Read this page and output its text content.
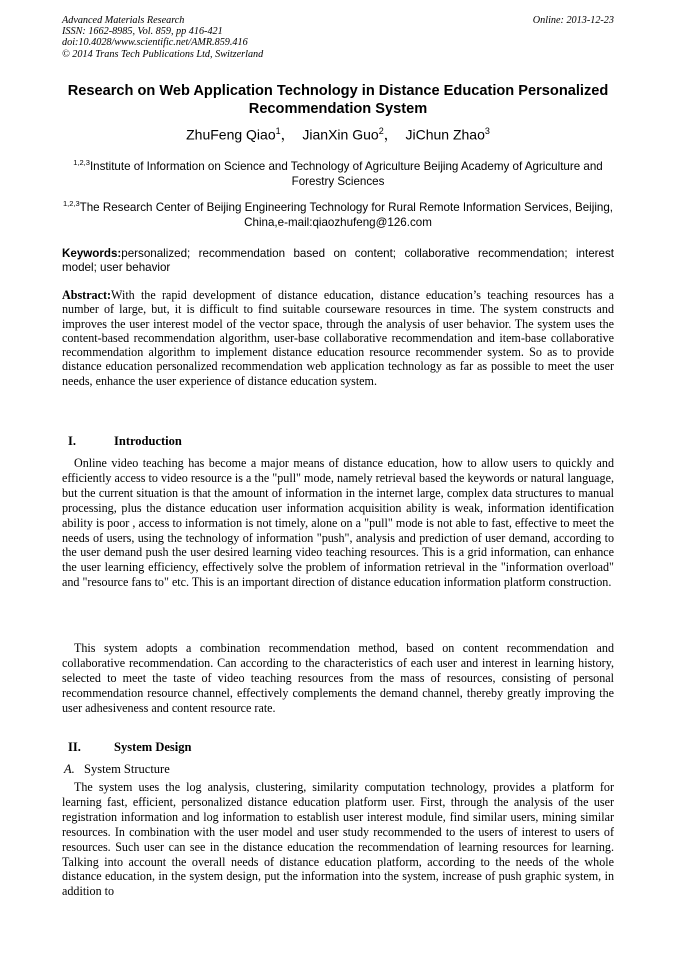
Advanced Materials Research
ISSN: 1662-8985, Vol. 859, pp 416-421
doi:10.4028/www.scientific.net/AMR.859.416
© 2014 Trans Tech Publications Ltd, Switzerland
Online: 2013-12-23
Research on Web Application Technology in Distance Education Personalized Recommendation System
ZhuFeng Qiao$^1$， JianXin Guo$^2$， JiChun Zhao$^3$
$^{1,2,3}$Institute of Information on Science and Technology of Agriculture Beijing Academy of Agriculture and Forestry Sciences
$^{1,2,3}$The Research Center of Beijing Engineering Technology for Rural Remote Information Services, Beijing, China,e-mail:qiaozhufeng@126.com
Keywords:personalized; recommendation based on content; collaborative recommendation; interest model; user behavior
Abstract:With the rapid development of distance education, distance education’s teaching resources has a number of large, but, it is difficult to find suitable courseware resources in time. The system constructs and improves the user interest model of the vector space, through the analysis of user behavior. The system uses the content-based recommendation algorithm, user-base collaborative recommendation and item-base collaborative recommendation algorithm to implement distance education resource recommender system. So as to provide distance education personalized recommendation web application technology as far as possible to meet the user needs, enhance the user experience of distance education system.
I.	Introduction
Online video teaching has become a major means of distance education, how to allow users to quickly and efficiently access to video resource is a the "pull" mode, namely retrieval based the keywords or natural language, but the current situation is that the amount of information in the internet large, complex data structures to manual processing, plus the distance education user information acquisition ability is weak, information identification ability is poor , access to information is not timely, alone on a "pull" mode is not able to fast, effective to meet the needs of users, using the technology of information "push", analysis and prediction of user demand, according to the user demand push the user desired learning video teaching resources. This is a grid information, can enhance the user learning efficiency, effectively solve the problem of information retrieval in the "information overload" and "resource fans to" etc. This is an important direction of distance education information platform construction.
This system adopts a combination recommendation method, based on content recommendation and collaborative recommendation. Can according to the characteristics of each user and interest in learning history, selected to meet the taste of video teaching resources from the mass of resources, consisting of personal recommendation resource channel, effectively complements the demand channel, thereby greatly improving the user adhesiveness and content resource rate.
II.	System Design
A. System Structure
The system uses the log analysis, clustering, similarity computation technology, provides a platform for learning fast, efficient, personalized distance education platform user. First, through the analysis of the user registration information and log information to establish user interest module, find similar users, mining similar resources. In combination with the user model and user study recommended to the users of interest to users of resources. Such user can see in the distance education the recommendation of learning resources for learning. Talking into account the overall needs of distance education platform, according to the needs of the whole distance education, in the system design, put the information into the system, increase of push graphic system, in addition to
